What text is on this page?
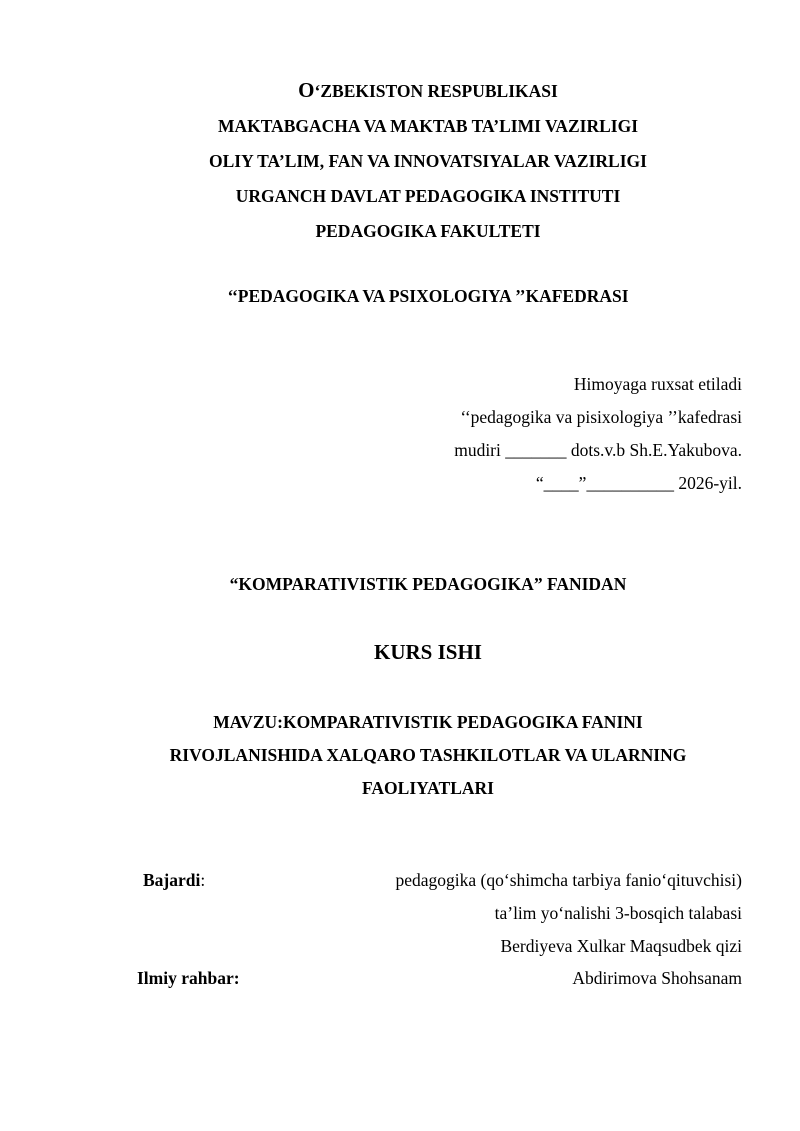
O‘ZBEKISTON RESPUBLIKASI
MAKTABGACHA VA MAKTAB TA’LIMI VAZIRLIGI
OLIY TA’LIM, FAN VA INNOVATSIYALAR VAZIRLIGI
URGANCH DAVLAT PEDAGOGIKA INSTITUTI
PEDAGOGIKA FAKULTETI
‘‘PEDAGOGIKA VA PSIXOLOGIYA ’’KAFEDRASI
Himoyaga ruxsat etiladi
‘‘pedagogika va pisixologiya ’’kafedrasi
mudiri _______ dots.v.b Sh.E.Yakubova.
“____”__________ 2026-yil.
“KOMPARATIVISTIK PEDAGOGIKA” FANIDAN
KURS ISHI
MAVZU:KOMPARATIVISTIK PEDAGOGIKA FANINI
RIVOJLANISHIDA XALQARO TASHKILOTLAR VA ULARNING
FAOLIYATLARI
Bajardi:	pedagogika (qo‘shimcha tarbiya fanio‘qituvchisi)
ta’lim yo‘nalishi 3-bosqich talabasi
Berdiyeva Xulkar Maqsudbek qizi
Ilmiy rahbar:	Abdirimova Shohsanam
